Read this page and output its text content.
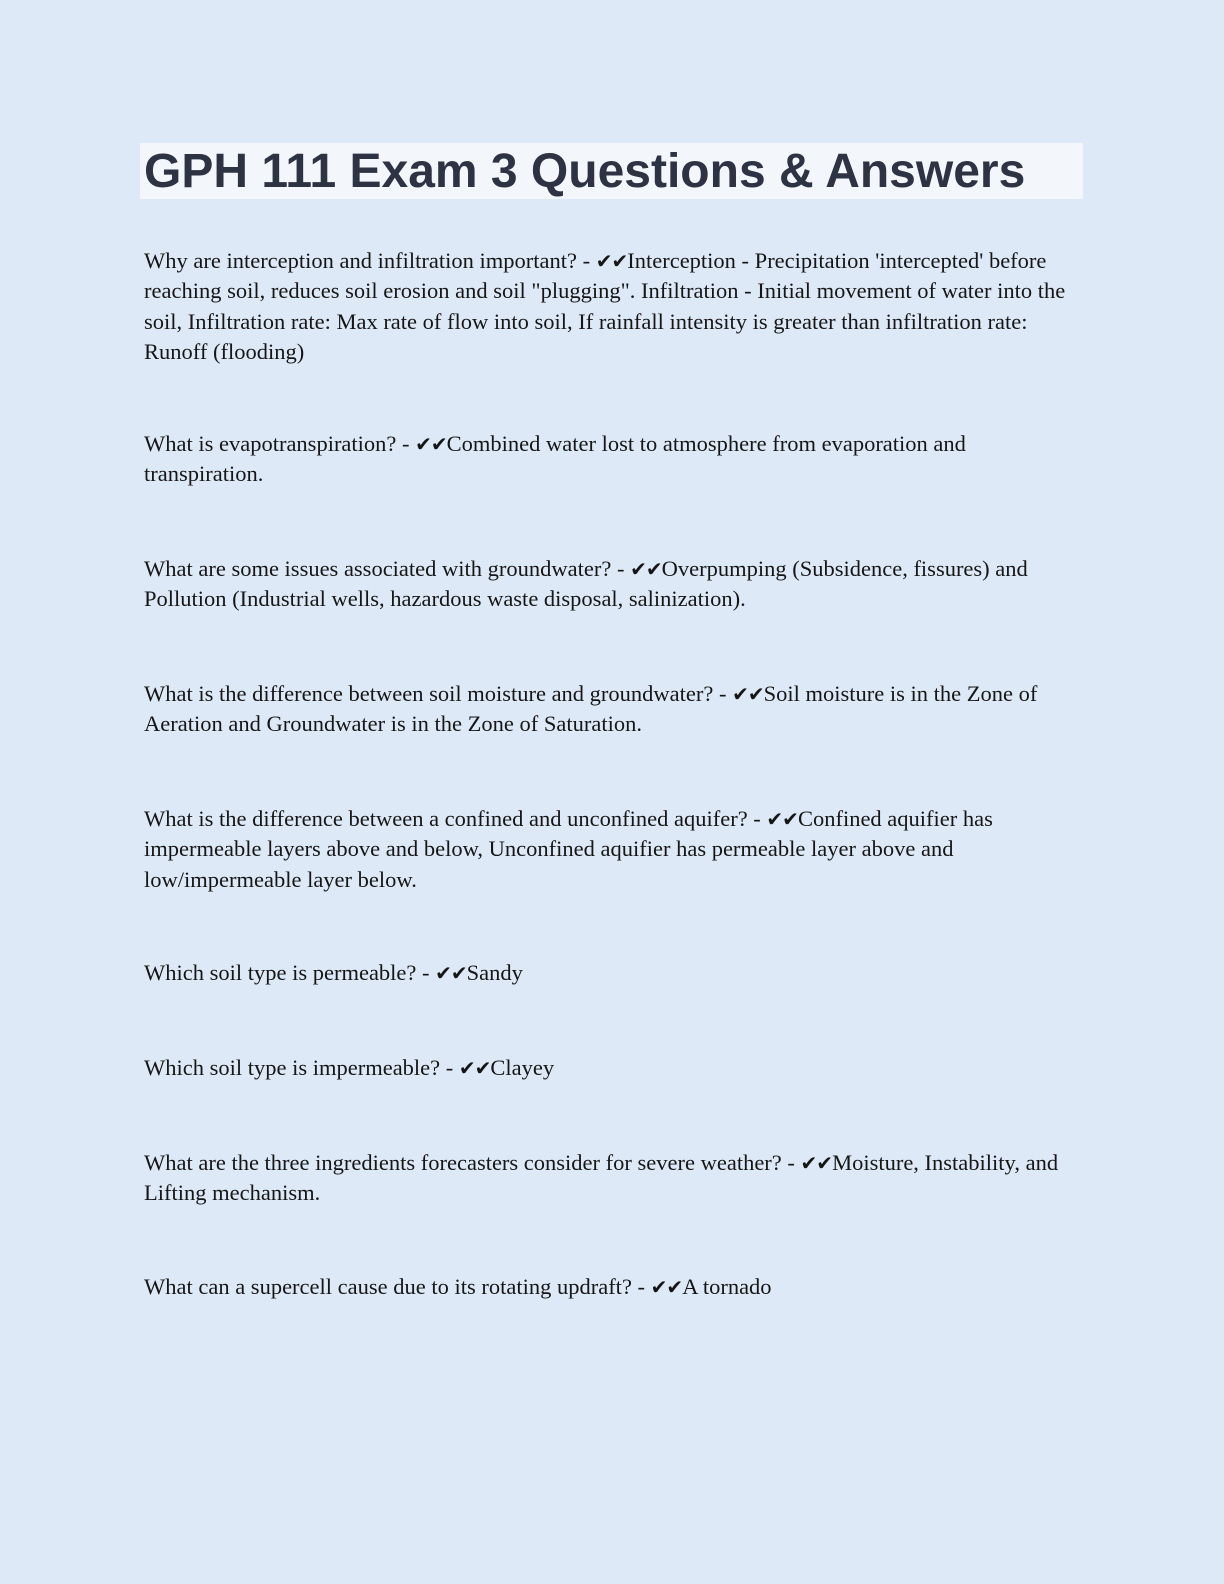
GPH 111 Exam 3 Questions & Answers

Why are interception and infiltration important? - ✔✔Interception - Precipitation 'intercepted' before reaching soil, reduces soil erosion and soil "plugging". Infiltration - Initial movement of water into the soil, Infiltration rate: Max rate of flow into soil, If rainfall intensity is greater than infiltration rate: Runoff (flooding)

What is evapotranspiration? - ✔✔Combined water lost to atmosphere from evaporation and transpiration.

What are some issues associated with groundwater? - ✔✔Overpumping (Subsidence, fissures) and Pollution (Industrial wells, hazardous waste disposal, salinization).

What is the difference between soil moisture and groundwater? - ✔✔Soil moisture is in the Zone of Aeration and Groundwater is in the Zone of Saturation.

What is the difference between a confined and unconfined aquifer? - ✔✔Confined aquifier has impermeable layers above and below, Unconfined aquifier has permeable layer above and low/impermeable layer below.

Which soil type is permeable? - ✔✔Sandy

Which soil type is impermeable? - ✔✔Clayey

What are the three ingredients forecasters consider for severe weather? - ✔✔Moisture, Instability, and Lifting mechanism.

What can a supercell cause due to its rotating updraft? - ✔✔A tornado
